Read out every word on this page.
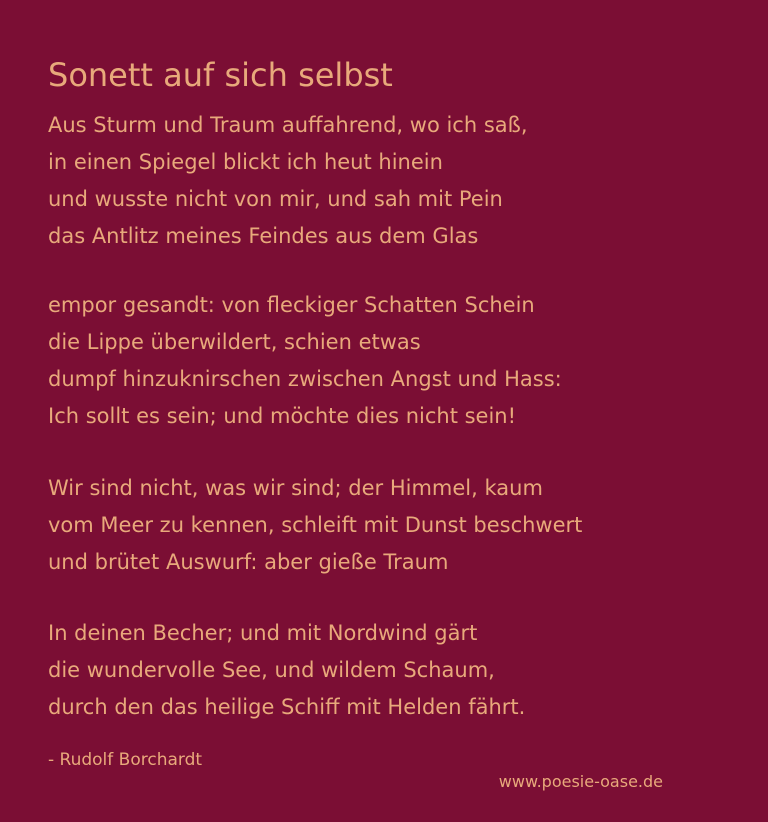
Sonett auf sich selbst
Aus Sturm und Traum auffahrend, wo ich saß,
in einen Spiegel blickt ich heut hinein
und wusste nicht von mir, und sah mit Pein
das Antlitz meines Feindes aus dem Glas
empor gesandt: von fleckiger Schatten Schein
die Lippe überwildert, schien etwas
dumpf hinzuknirschen zwischen Angst und Hass:
Ich sollt es sein; und möchte dies nicht sein!
Wir sind nicht, was wir sind; der Himmel, kaum
vom Meer zu kennen, schleift mit Dunst beschwert
und brütet Auswurf: aber gieße Traum
In deinen Becher; und mit Nordwind gärt
die wundervolle See, und wildem Schaum,
durch den das heilige Schiff mit Helden fährt.
- Rudolf Borchardt
www.poesie-oase.de
